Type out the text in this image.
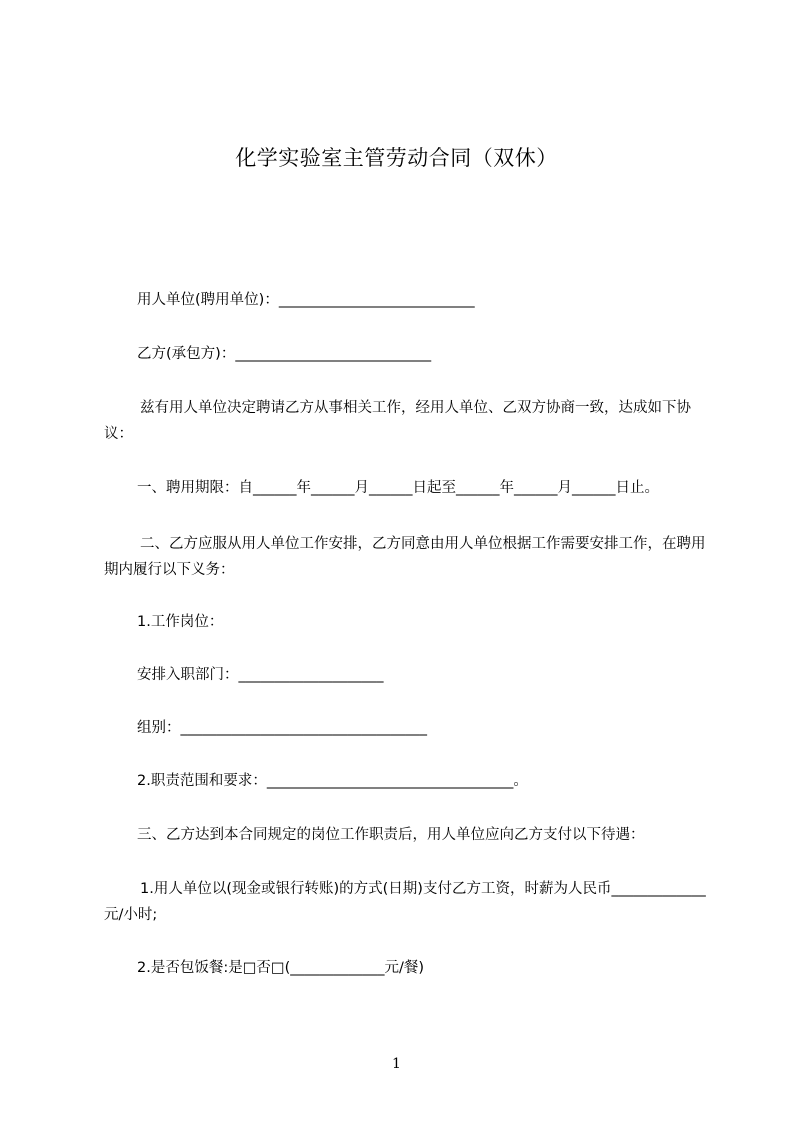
化学实验室主管劳动合同（双休）
用人单位(聘用单位)：___________________________
乙方(承包方)：___________________________
兹有用人单位决定聘请乙方从事相关工作，经用人单位、乙双方协商一致，达成如下协议：
一、聘用期限：自______年______月______日起至______年______月______日止。
二、乙方应服从用人单位工作安排，乙方同意由用人单位根据工作需要安排工作，在聘用期内履行以下义务：
1.工作岗位：
安排入职部门：____________________
组别：__________________________________
2.职责范围和要求：__________________________________。
三、乙方达到本合同规定的岗位工作职责后，用人单位应向乙方支付以下待遇：
1.用人单位以(现金或银行转账)的方式(日期)支付乙方工资，时薪为人民币_____________元/小时;
2.是否包饭餐:是□否□(_____________元/餐)
1
